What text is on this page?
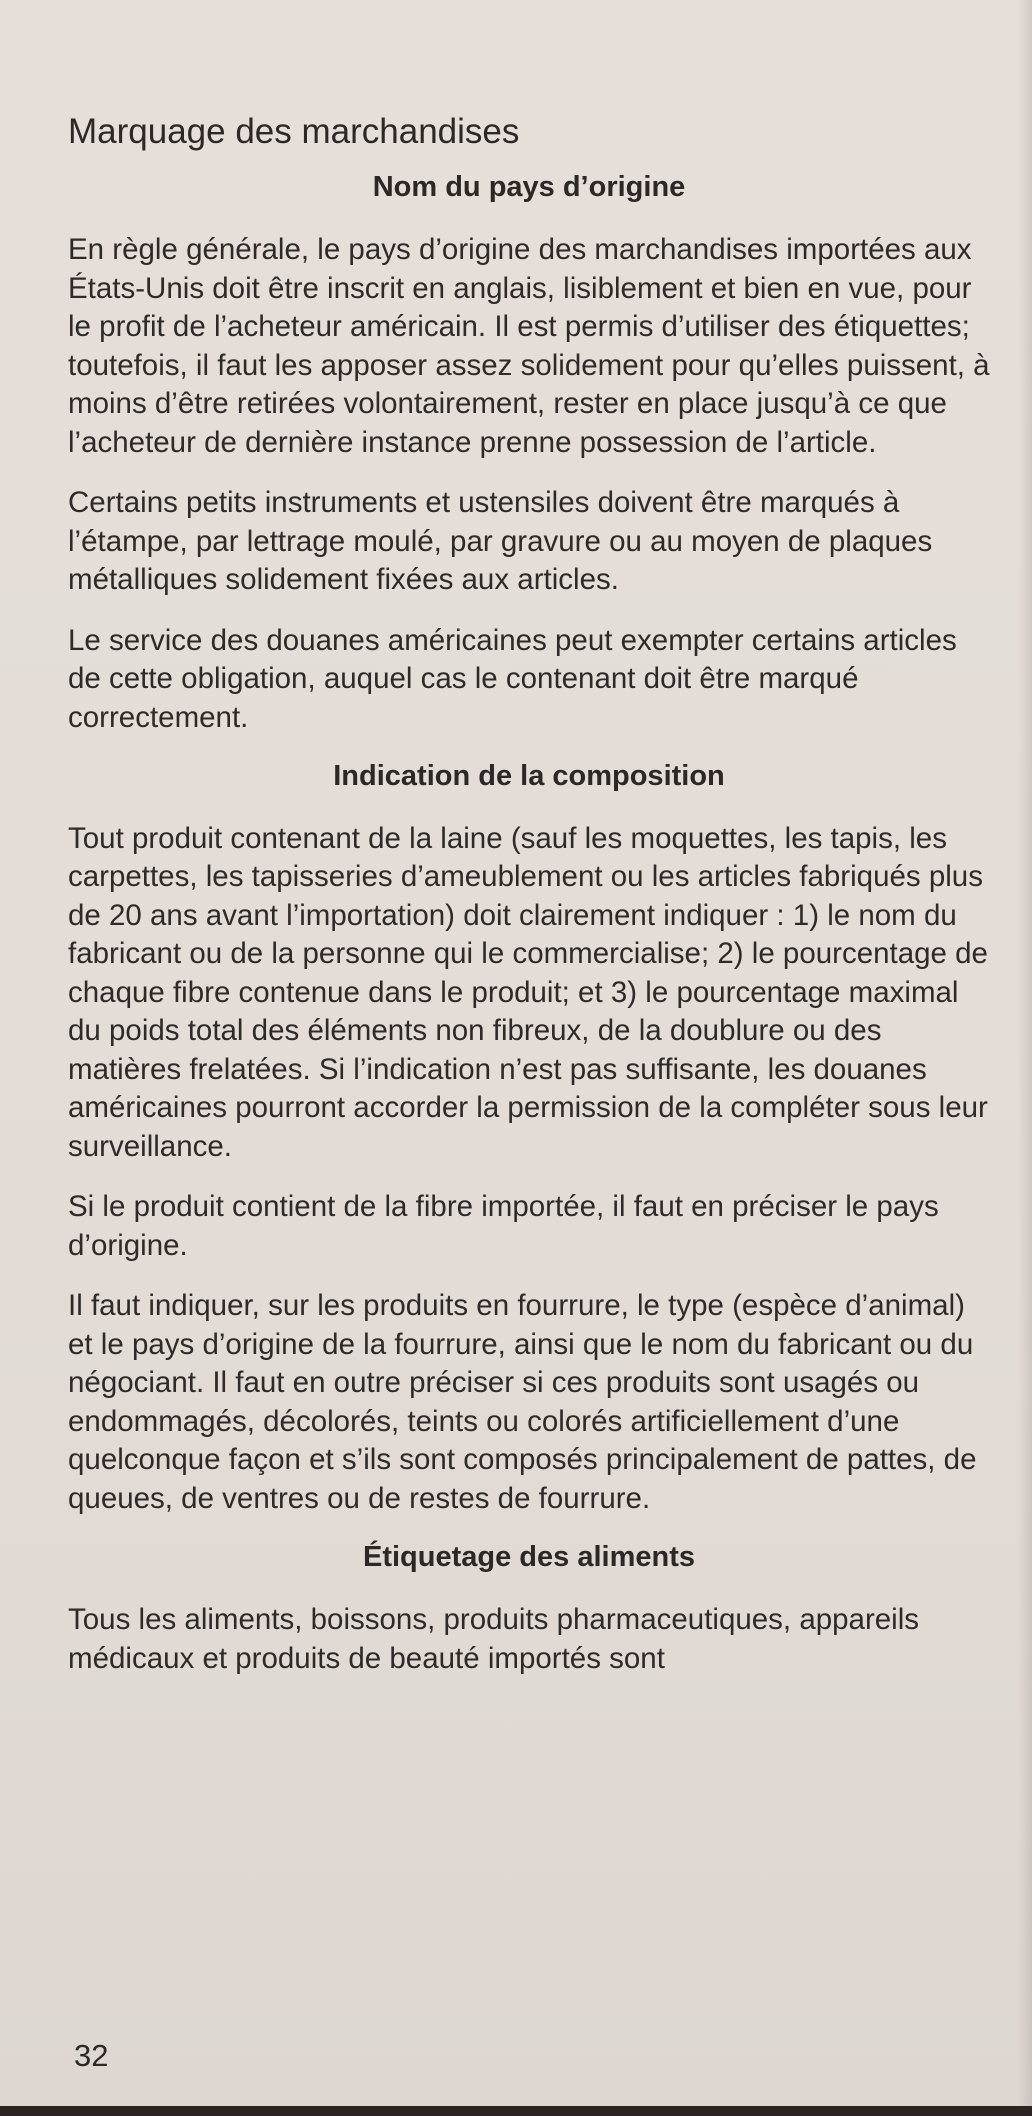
Marquage des marchandises
Nom du pays d’origine

En règle générale, le pays d’origine des marchandises importées aux États-Unis doit être inscrit en anglais, lisiblement et bien en vue, pour le profit de l’acheteur américain. Il est permis d’utiliser des étiquettes; toutefois, il faut les apposer assez solidement pour qu’elles puissent, à moins d’être retirées volontairement, rester en place jusqu’à ce que l’acheteur de dernière instance prenne possession de l’article.

Certains petits instruments et ustensiles doivent être marqués à l’étampe, par lettrage moulé, par gravure ou au moyen de plaques métalliques solidement fixées aux articles.

Le service des douanes américaines peut exempter certains articles de cette obligation, auquel cas le contenant doit être marqué correctement.

Indication de la composition

Tout produit contenant de la laine (sauf les moquettes, les tapis, les carpettes, les tapisseries d’ameublement ou les articles fabriqués plus de 20 ans avant l’importation) doit clairement indiquer : 1) le nom du fabricant ou de la personne qui le commercialise; 2) le pourcentage de chaque fibre contenue dans le produit; et 3) le pourcentage maximal du poids total des éléments non fibreux, de la doublure ou des matières frelatées. Si l’indication n’est pas suffisante, les douanes américaines pourront accorder la permission de la compléter sous leur surveillance.

Si le produit contient de la fibre importée, il faut en préciser le pays d’origine.

Il faut indiquer, sur les produits en fourrure, le type (espèce d’animal) et le pays d’origine de la fourrure, ainsi que le nom du fabricant ou du négociant. Il faut en outre préciser si ces produits sont usagés ou endommagés, décolorés, teints ou colorés artificiellement d’une quelconque façon et s’ils sont composés principalement de pattes, de queues, de ventres ou de restes de fourrure.

Étiquetage des aliments

Tous les aliments, boissons, produits pharmaceutiques, appareils médicaux et produits de beauté importés sont

32
